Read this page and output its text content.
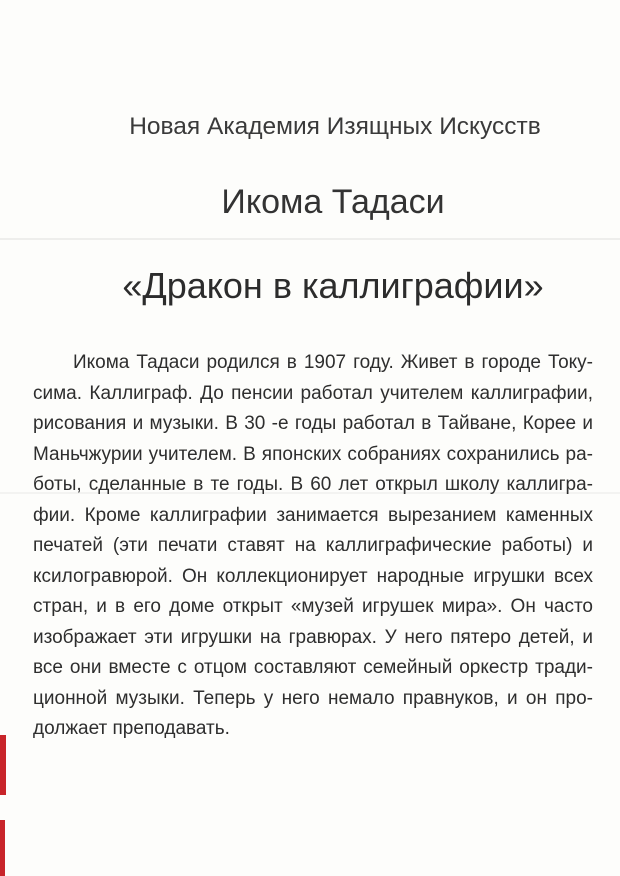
Новая Академия Изящных Искусств
Икома Тадаси
«Дракон в каллиграфии»
Икома Тадаси родился в 1907 году. Живет в городе Току-
сима. Каллиграф. До пенсии работал учителем каллиграфии,
рисования и музыки. В 30 -е годы работал в Тайване, Корее и
Маньчжурии учителем. В японских собраниях сохранились ра-
боты, сделанные в те годы. В 60 лет открыл школу каллигра-
фии. Кроме каллиграфии занимается вырезанием каменных
печатей (эти печати ставят на каллиграфические работы) и
ксилогравюрой. Он коллекционирует народные игрушки всех
стран, и в его доме открыт «музей игрушек мира». Он часто
изображает эти игрушки на гравюрах. У него пятеро детей, и
все они вместе с отцом составляют семейный оркестр тради-
ционной музыки. Теперь у него немало правнуков, и он про-
должает преподавать.
